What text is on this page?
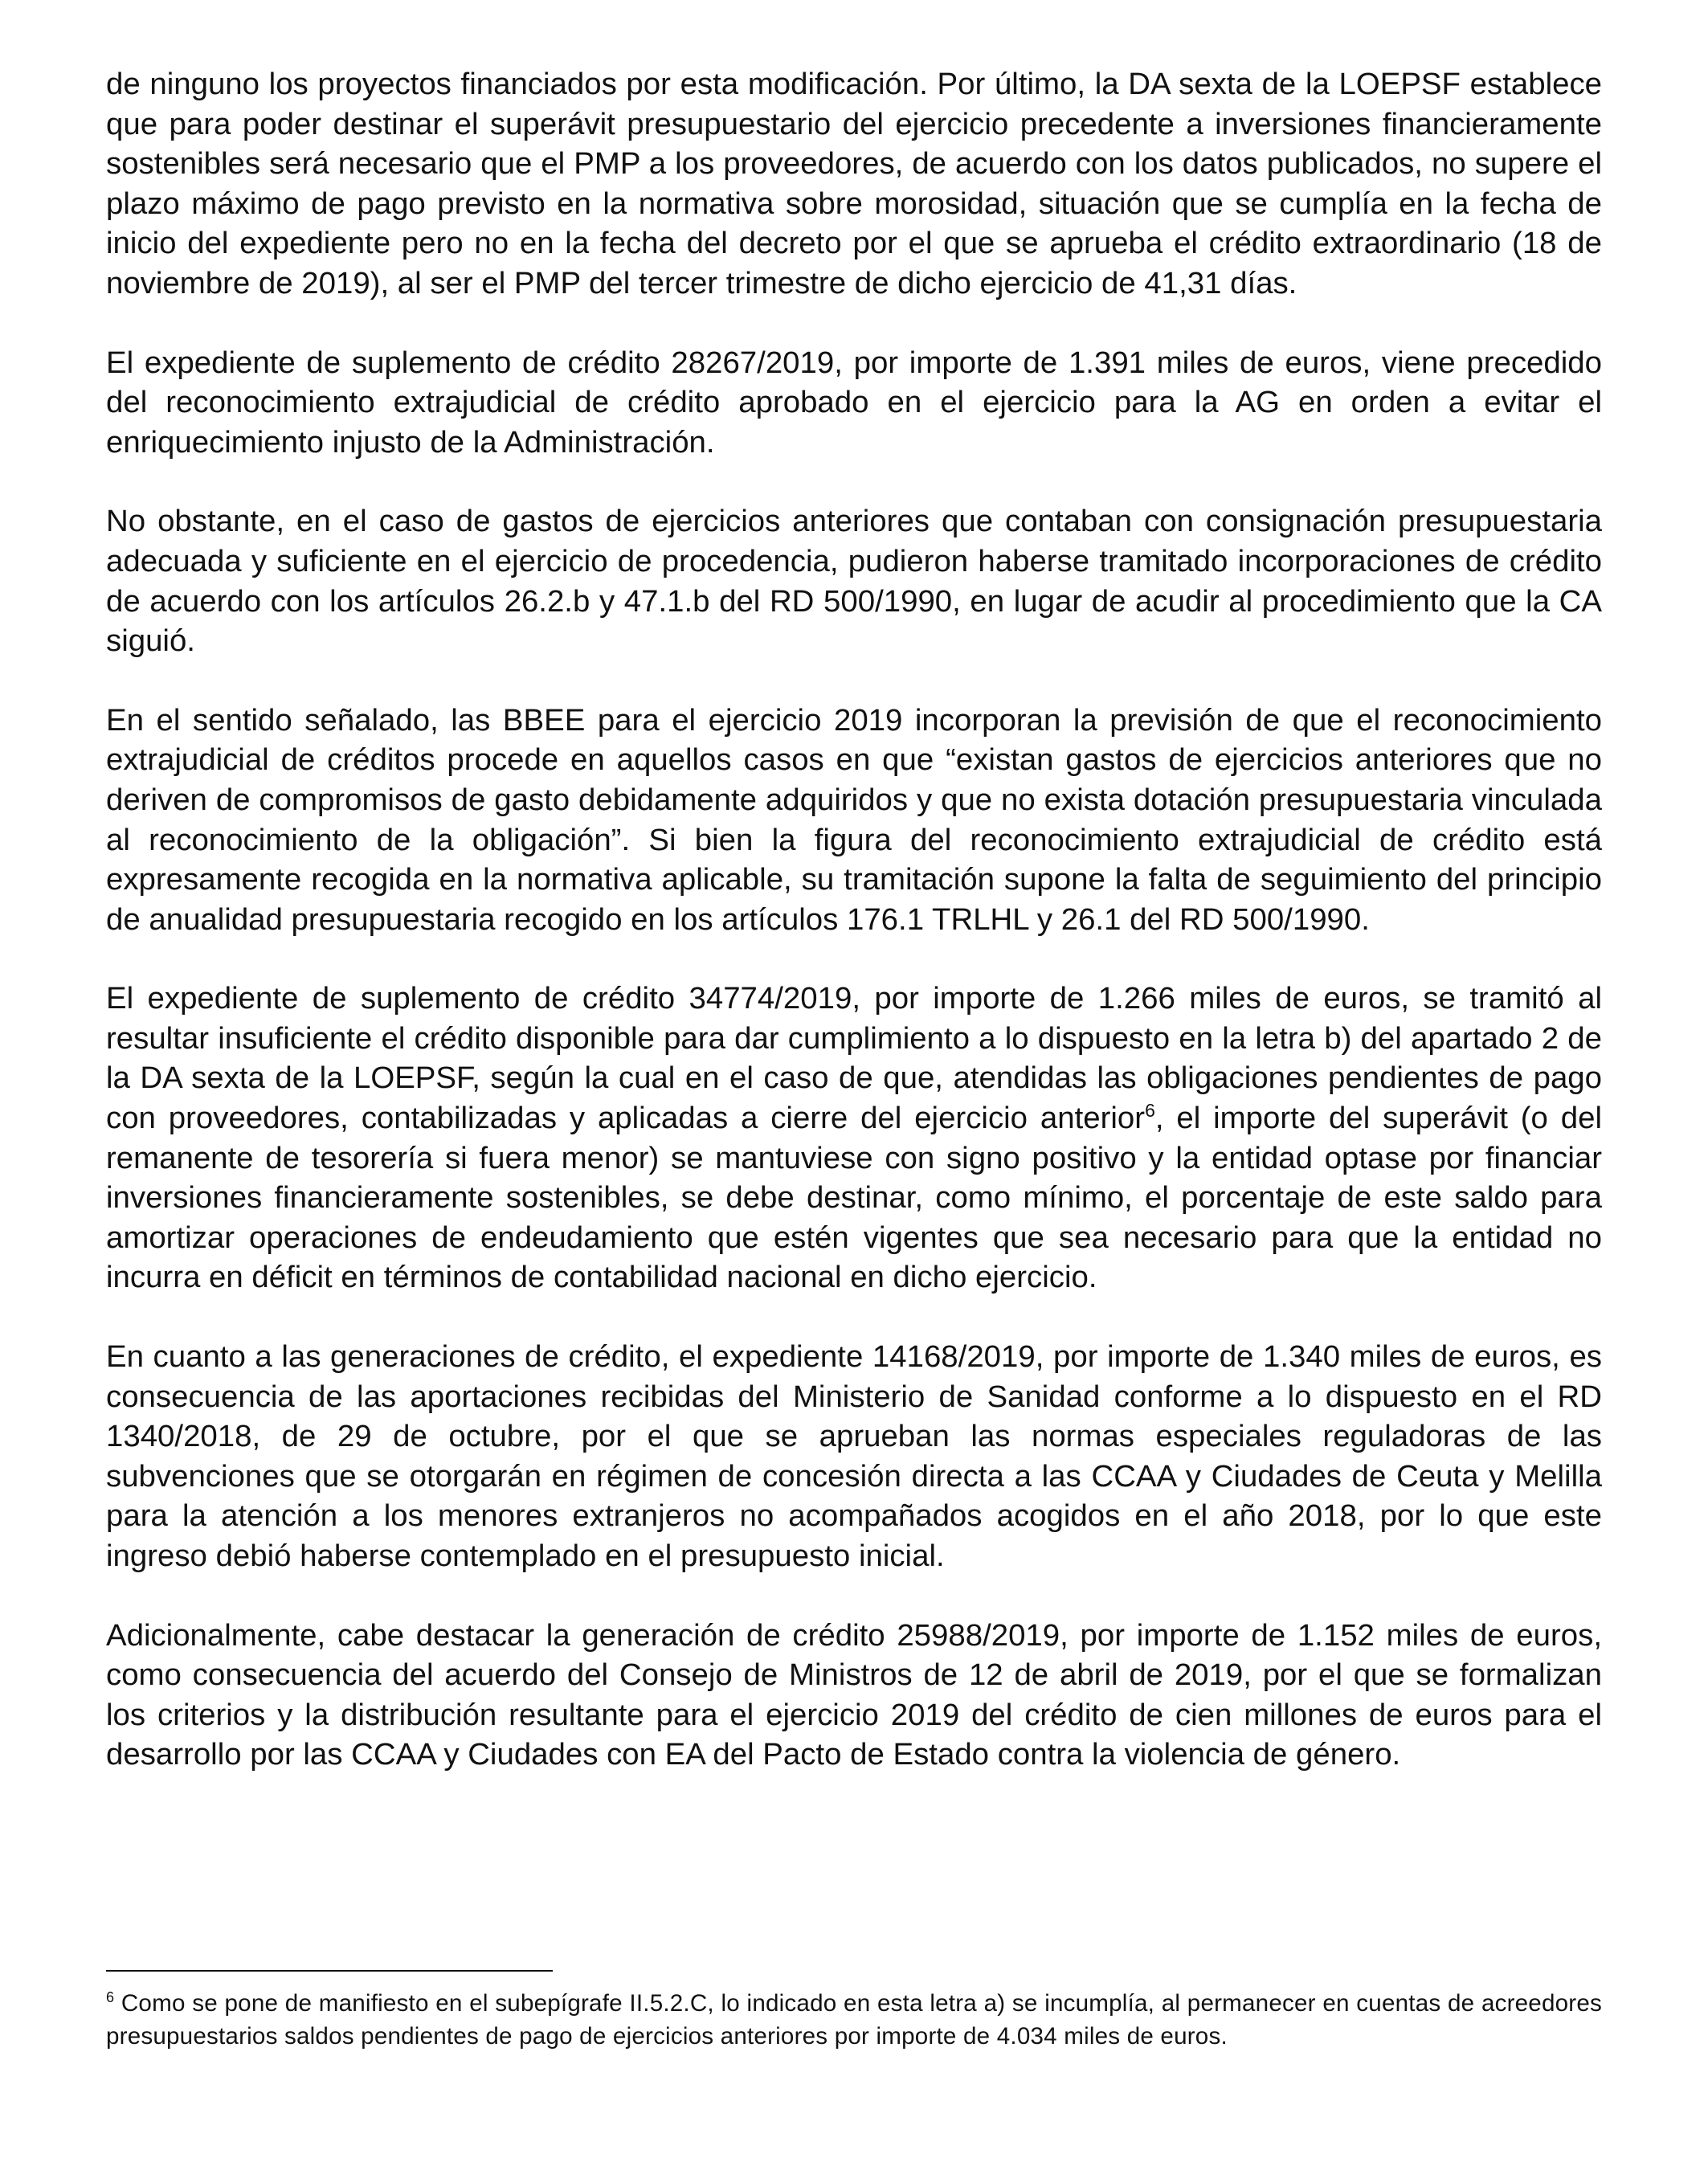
de ninguno los proyectos financiados por esta modificación. Por último, la DA sexta de la LOEPSF establece que para poder destinar el superávit presupuestario del ejercicio precedente a inversiones financieramente sostenibles será necesario que el PMP a los proveedores, de acuerdo con los datos publicados, no supere el plazo máximo de pago previsto en la normativa sobre morosidad, situación que se cumplía en la fecha de inicio del expediente pero no en la fecha del decreto por el que se aprueba el crédito extraordinario (18 de noviembre de 2019), al ser el PMP del tercer trimestre de dicho ejercicio de 41,31 días.

El expediente de suplemento de crédito 28267/2019, por importe de 1.391 miles de euros, viene precedido del reconocimiento extrajudicial de crédito aprobado en el ejercicio para la AG en orden a evitar el enriquecimiento injusto de la Administración.

No obstante, en el caso de gastos de ejercicios anteriores que contaban con consignación presupuestaria adecuada y suficiente en el ejercicio de procedencia, pudieron haberse tramitado incorporaciones de crédito de acuerdo con los artículos 26.2.b y 47.1.b del RD 500/1990, en lugar de acudir al procedimiento que la CA siguió.

En el sentido señalado, las BBEE para el ejercicio 2019 incorporan la previsión de que el reconocimiento extrajudicial de créditos procede en aquellos casos en que “existan gastos de ejercicios anteriores que no deriven de compromisos de gasto debidamente adquiridos y que no exista dotación presupuestaria vinculada al reconocimiento de la obligación”. Si bien la figura del reconocimiento extrajudicial de crédito está expresamente recogida en la normativa aplicable, su tramitación supone la falta de seguimiento del principio de anualidad presupuestaria recogido en los artículos 176.1 TRLHL y 26.1 del RD 500/1990.

El expediente de suplemento de crédito 34774/2019, por importe de 1.266 miles de euros, se tramitó al resultar insuficiente el crédito disponible para dar cumplimiento a lo dispuesto en la letra b) del apartado 2 de la DA sexta de la LOEPSF, según la cual en el caso de que, atendidas las obligaciones pendientes de pago con proveedores, contabilizadas y aplicadas a cierre del ejercicio anterior$^6$, el importe del superávit (o del remanente de tesorería si fuera menor) se mantuviese con signo positivo y la entidad optase por financiar inversiones financieramente sostenibles, se debe destinar, como mínimo, el porcentaje de este saldo para amortizar operaciones de endeudamiento que estén vigentes que sea necesario para que la entidad no incurra en déficit en términos de contabilidad nacional en dicho ejercicio.

En cuanto a las generaciones de crédito, el expediente 14168/2019, por importe de 1.340 miles de euros, es consecuencia de las aportaciones recibidas del Ministerio de Sanidad conforme a lo dispuesto en el RD 1340/2018, de 29 de octubre, por el que se aprueban las normas especiales reguladoras de las subvenciones que se otorgarán en régimen de concesión directa a las CCAA y Ciudades de Ceuta y Melilla para la atención a los menores extranjeros no acompañados acogidos en el año 2018, por lo que este ingreso debió haberse contemplado en el presupuesto inicial.

Adicionalmente, cabe destacar la generación de crédito 25988/2019, por importe de 1.152 miles de euros, como consecuencia del acuerdo del Consejo de Ministros de 12 de abril de 2019, por el que se formalizan los criterios y la distribución resultante para el ejercicio 2019 del crédito de cien millones de euros para el desarrollo por las CCAA y Ciudades con EA del Pacto de Estado contra la violencia de género.

$^6$ Como se pone de manifiesto en el subepígrafe II.5.2.C, lo indicado en esta letra a) se incumplía, al permanecer en cuentas de acreedores presupuestarios saldos pendientes de pago de ejercicios anteriores por importe de 4.034 miles de euros.
